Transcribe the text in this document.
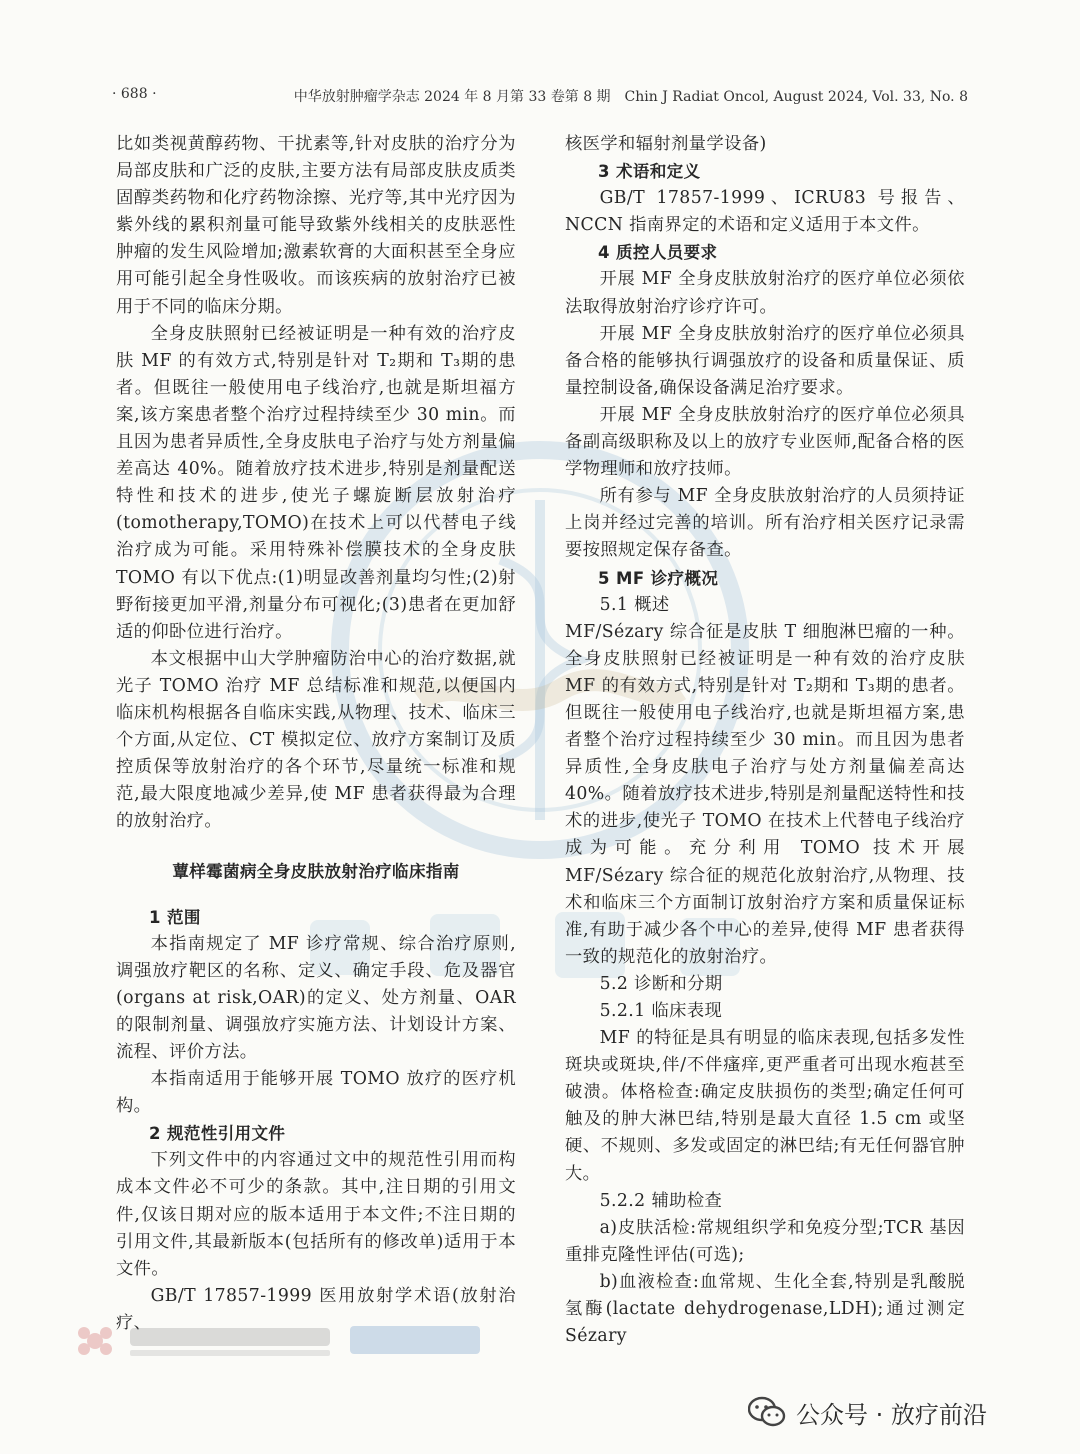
· 688 ·	中华放射肿瘤学杂志 2024 年 8 月第 33 卷第 8 期　Chin J Radiat Oncol, August 2024, Vol. 33, No. 8

比如类视黄醇药物、干扰素等,针对皮肤的治疗分为局部皮肤和广泛的皮肤,主要方法有局部皮肤皮质类固醇类药物和化疗药物涂擦、光疗等,其中光疗因为紫外线的累积剂量可能导致紫外线相关的皮肤恶性肿瘤的发生风险增加;激素软膏的大面积甚至全身应用可能引起全身性吸收。而该疾病的放射治疗已被用于不同的临床分期。

全身皮肤照射已经被证明是一种有效的治疗皮肤 MF 的有效方式,特别是针对 T₂期和 T₃期的患者。但既往一般使用电子线治疗,也就是斯坦福方案,该方案患者整个治疗过程持续至少 30 min。而且因为患者异质性,全身皮肤电子治疗与处方剂量偏差高达 40%。随着放疗技术进步,特别是剂量配送特性和技术的进步,使光子螺旋断层放射治疗(tomotherapy,TOMO)在技术上可以代替电子线治疗成为可能。采用特殊补偿膜技术的全身皮肤 TOMO 有以下优点:(1)明显改善剂量均匀性;(2)射野衔接更加平滑,剂量分布可视化;(3)患者在更加舒适的仰卧位进行治疗。

本文根据中山大学肿瘤防治中心的治疗数据,就光子 TOMO 治疗 MF 总结标准和规范,以便国内临床机构根据各自临床实践,从物理、技术、临床三个方面,从定位、CT 模拟定位、放疗方案制订及质控质保等放射治疗的各个环节,尽量统一标准和规范,最大限度地减少差异,使 MF 患者获得最为合理的放射治疗。

蕈样霉菌病全身皮肤放射治疗临床指南

1 范围

本指南规定了 MF 诊疗常规、综合治疗原则,调强放疗靶区的名称、定义、确定手段、危及器官(organs at risk,OAR)的定义、处方剂量、OAR 的限制剂量、调强放疗实施方法、计划设计方案、流程、评价方法。

本指南适用于能够开展 TOMO 放疗的医疗机构。

2 规范性引用文件

下列文件中的内容通过文中的规范性引用而构成本文件必不可少的条款。其中,注日期的引用文件,仅该日期对应的版本适用于本文件;不注日期的引用文件,其最新版本(包括所有的修改单)适用于本文件。

GB/T 17857-1999 医用放射学术语(放射治疗、

核医学和辐射剂量学设备)

3 术语和定义

GB/T 17857-1999、ICRU83 号报告、NCCN 指南界定的术语和定义适用于本文件。

4 质控人员要求

开展 MF 全身皮肤放射治疗的医疗单位必须依法取得放射治疗诊疗许可。

开展 MF 全身皮肤放射治疗的医疗单位必须具备合格的能够执行调强放疗的设备和质量保证、质量控制设备,确保设备满足治疗要求。

开展 MF 全身皮肤放射治疗的医疗单位必须具备副高级职称及以上的放疗专业医师,配备合格的医学物理师和放疗技师。

所有参与 MF 全身皮肤放射治疗的人员须持证上岗并经过完善的培训。所有治疗相关医疗记录需要按照规定保存备查。

5 MF 诊疗概况

5.1 概述

MF/Sézary 综合征是皮肤 T 细胞淋巴瘤的一种。全身皮肤照射已经被证明是一种有效的治疗皮肤 MF 的有效方式,特别是针对 T₂期和 T₃期的患者。但既往一般使用电子线治疗,也就是斯坦福方案,患者整个治疗过程持续至少 30 min。而且因为患者异质性,全身皮肤电子治疗与处方剂量偏差高达 40%。随着放疗技术进步,特别是剂量配送特性和技术的进步,使光子 TOMO 在技术上代替电子线治疗成为可能。充分利用 TOMO 技术开展 MF/Sézary 综合征的规范化放射治疗,从物理、技术和临床三个方面制订放射治疗方案和质量保证标准,有助于减少各个中心的差异,使得 MF 患者获得一致的规范化的放射治疗。

5.2 诊断和分期

5.2.1 临床表现

MF 的特征是具有明显的临床表现,包括多发性斑块或斑块,伴/不伴瘙痒,更严重者可出现水疱甚至破溃。体格检查:确定皮肤损伤的类型;确定任何可触及的肿大淋巴结,特别是最大直径 1.5 cm 或坚硬、不规则、多发或固定的淋巴结;有无任何器官肿大。

5.2.2 辅助检查

a)皮肤活检:常规组织学和免疫分型;TCR 基因重排克隆性评估(可选);

b)血液检查:血常规、生化全套,特别是乳酸脱氢酶(lactate dehydrogenase,LDH);通过测定 Sézary

公众号 · 放疗前沿
